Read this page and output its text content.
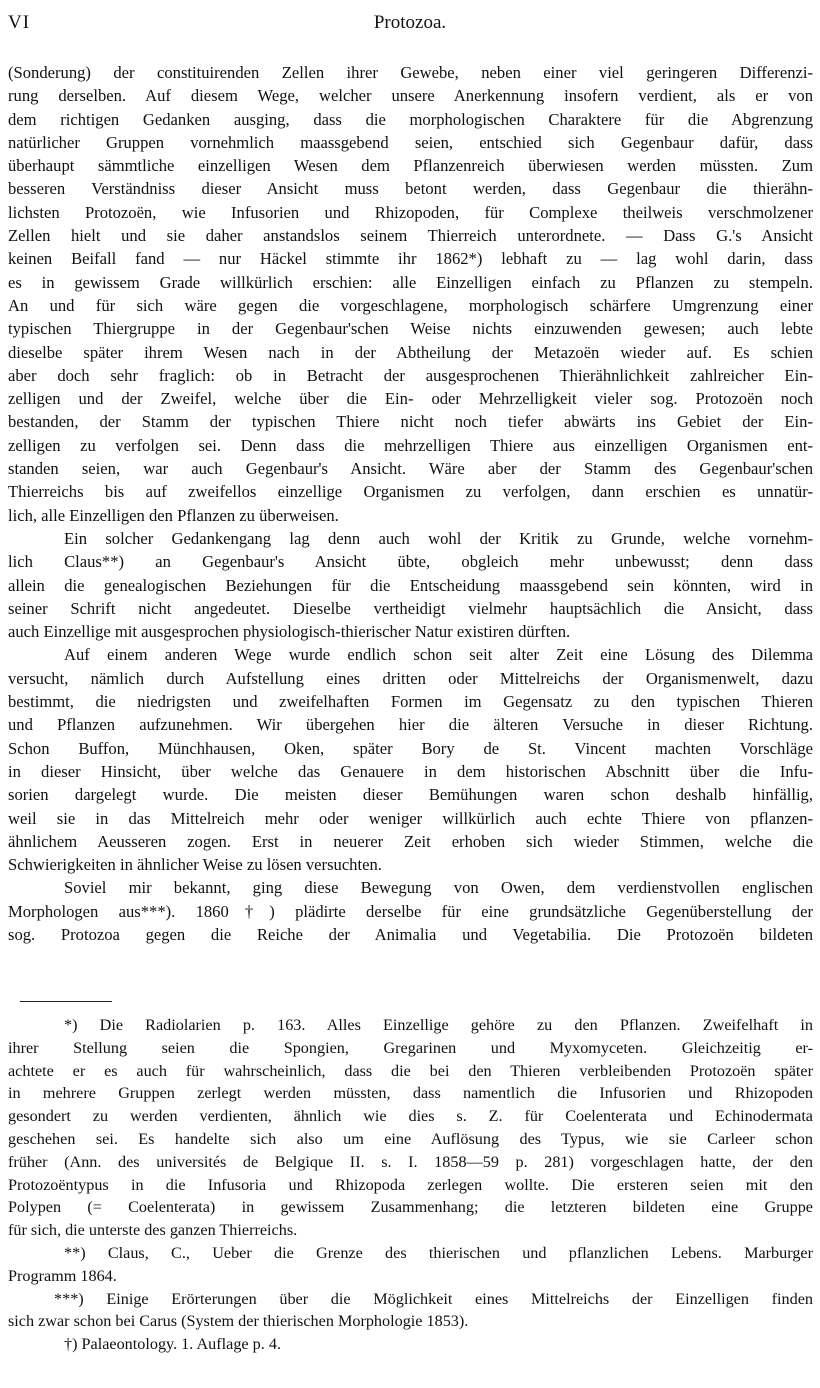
VI	Protozoa.
(Sonderung) der constituirenden Zellen ihrer Gewebe, neben einer viel geringeren Differenzi-
rung derselben. Auf diesem Wege, welcher unsere Anerkennung insofern verdient, als er von
dem richtigen Gedanken ausging, dass die morphologischen Charaktere für die Abgrenzung
natürlicher Gruppen vornehmlich maassgebend seien, entschied sich Gegenbaur dafür, dass
überhaupt sämmtliche einzelligen Wesen dem Pflanzenreich überwiesen werden müssten. Zum
besseren Verständniss dieser Ansicht muss betont werden, dass Gegenbaur die thierähn-
lichsten Protozoën, wie Infusorien und Rhizopoden, für Complexe theilweis verschmolzener
Zellen hielt und sie daher anstandslos seinem Thierreich unterordnete. — Dass G.'s Ansicht
keinen Beifall fand — nur Häckel stimmte ihr 1862*) lebhaft zu — lag wohl darin, dass
es in gewissem Grade willkürlich erschien: alle Einzelligen einfach zu Pflanzen zu stempeln.
An und für sich wäre gegen die vorgeschlagene, morphologisch schärfere Umgrenzung einer
typischen Thiergruppe in der Gegenbaur'schen Weise nichts einzuwenden gewesen; auch lebte
dieselbe später ihrem Wesen nach in der Abtheilung der Metazoën wieder auf. Es schien
aber doch sehr fraglich: ob in Betracht der ausgesprochenen Thierähnlichkeit zahlreicher Ein-
zelligen und der Zweifel, welche über die Ein- oder Mehrzelligkeit vieler sog. Protozoën noch
bestanden, der Stamm der typischen Thiere nicht noch tiefer abwärts ins Gebiet der Ein-
zelligen zu verfolgen sei. Denn dass die mehrzelligen Thiere aus einzelligen Organismen ent-
standen seien, war auch Gegenbaur's Ansicht. Wäre aber der Stamm des Gegenbaur'schen
Thierreichs bis auf zweifellos einzellige Organismen zu verfolgen, dann erschien es unnatür-
lich, alle Einzelligen den Pflanzen zu überweisen.
Ein solcher Gedankengang lag denn auch wohl der Kritik zu Grunde, welche vornehm-
lich Claus**) an Gegenbaur's Ansicht übte, obgleich mehr unbewusst; denn dass
allein die genealogischen Beziehungen für die Entscheidung maassgebend sein könnten, wird in
seiner Schrift nicht angedeutet. Dieselbe vertheidigt vielmehr hauptsächlich die Ansicht, dass
auch Einzellige mit ausgesprochen physiologisch-thierischer Natur existiren dürften.
Auf einem anderen Wege wurde endlich schon seit alter Zeit eine Lösung des Dilemma
versucht, nämlich durch Aufstellung eines dritten oder Mittelreichs der Organismenwelt, dazu
bestimmt, die niedrigsten und zweifelhaften Formen im Gegensatz zu den typischen Thieren
und Pflanzen aufzunehmen. Wir übergehen hier die älteren Versuche in dieser Richtung.
Schon Buffon, Münchhausen, Oken, später Bory de St. Vincent machten Vorschläge
in dieser Hinsicht, über welche das Genauere in dem historischen Abschnitt über die Infu-
sorien dargelegt wurde. Die meisten dieser Bemühungen waren schon deshalb hinfällig,
weil sie in das Mittelreich mehr oder weniger willkürlich auch echte Thiere von pflanzen-
ähnlichem Aeusseren zogen. Erst in neuerer Zeit erhoben sich wieder Stimmen, welche die
Schwierigkeiten in ähnlicher Weise zu lösen versuchten.
Soviel mir bekannt, ging diese Bewegung von Owen, dem verdienstvollen englischen
Morphologen aus***). 1860†) plädirte derselbe für eine grundsätzliche Gegenüberstellung der
sog. Protozoa gegen die Reiche der Animalia und Vegetabilia. Die Protozoën bildeten
*) Die Radiolarien p. 163. Alles Einzellige gehöre zu den Pflanzen. Zweifelhaft in
ihrer Stellung seien die Spongien, Gregarinen und Myxomyceten. Gleichzeitig er-
achtete er es auch für wahrscheinlich, dass die bei den Thieren verbleibenden Protozoën später
in mehrere Gruppen zerlegt werden müssten, dass namentlich die Infusorien und Rhizopoden
gesondert zu werden verdienten, ähnlich wie dies s. Z. für Coelenterata und Echinodermata
geschehen sei. Es handelte sich also um eine Auflösung des Typus, wie sie Carleer schon
früher (Ann. des universités de Belgique II. s. I. 1858—59 p. 281) vorgeschlagen hatte, der den
Protozoëntypus in die Infusoria und Rhizopoda zerlegen wollte. Die ersteren seien mit den
Polypen (= Coelenterata) in gewissem Zusammenhang; die letzteren bildeten eine Gruppe
für sich, die unterste des ganzen Thierreichs.
**) Claus, C., Ueber die Grenze des thierischen und pflanzlichen Lebens. Marburger
Programm 1864.
***) Einige Erörterungen über die Möglichkeit eines Mittelreichs der Einzelligen finden
sich zwar schon bei Carus (System der thierischen Morphologie 1853).
†) Palaeontology. 1. Auflage p. 4.
